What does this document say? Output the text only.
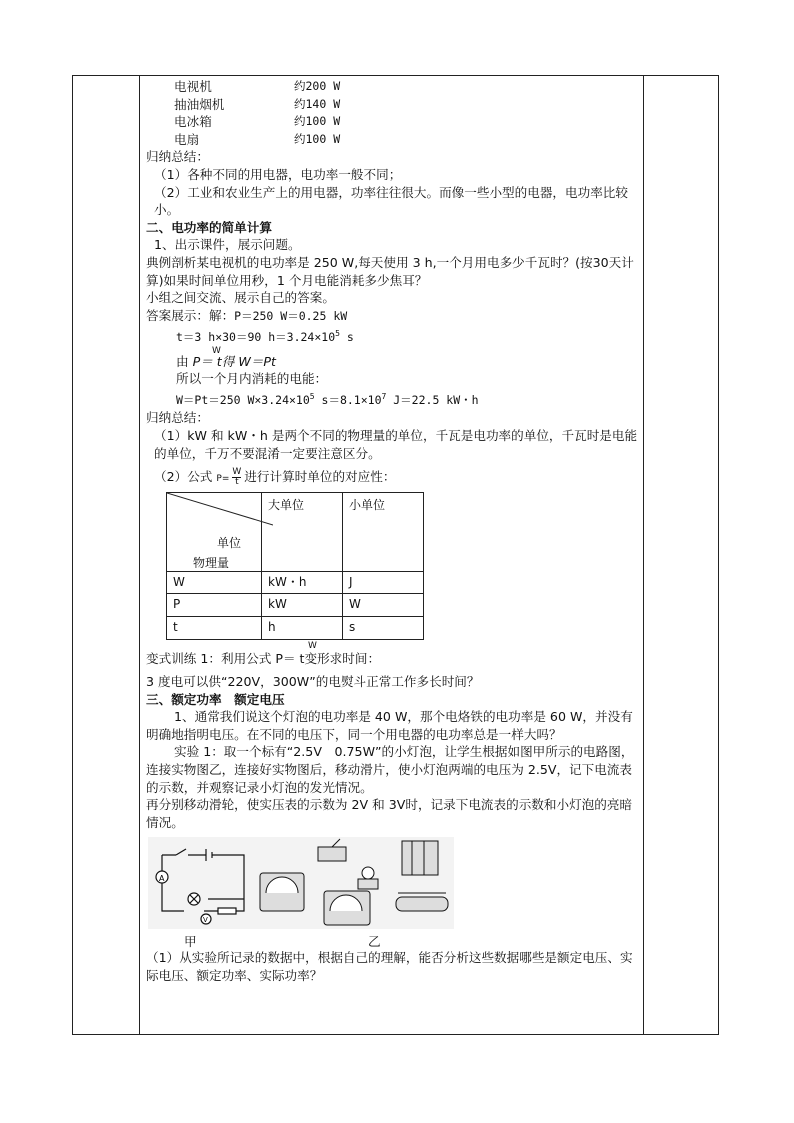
电视机	约200 W

抽油烟机	约140 W

电冰箱	约100 W

电扇	约100 W

归纳总结：

（1）各种不同的用电器，电功率一般不同；

（2）工业和农业生产上的用电器，功率往往很大。而像一些小型的电器，电功率比较小。

二、电功率的简单计算

1、出示课件，展示问题。

典例剖析某电视机的电功率是 250 W,每天使用 3 h,一个月用电多少千瓦时？(按30天计算)如果时间单位用秒，1 个月电能消耗多少焦耳？

小组之间交流、展示自己的答案。

答案展示：解：P＝250 W＝0.25 kW

t＝3 h×30＝90 $h=3.24\times 10^5$ s

W
由 P＝ t得 W＝Pt

所以一个月内消耗的电能：

W＝Pt＝250 $W\times 3.24\times 10^5$ $s=8.1\times 10^7$ J＝22.5 kW・h

归纳总结：

（1）kW 和 kW・h 是两个不同的物理量的单位，千瓦是电功率的单位，千瓦时是电能的单位，千万不要混淆一定要注意区分。

（2）公式 $P= \frac{W}{t}$ 进行计算时单位的对应性：

单位
物理量	大单位	小单位
W	kW・h	J
P	kW	W
t	h	s

W
变式训练 1：利用公式 P＝ t变形求时间：

3 度电可以供“220V，300W”的电熨斗正常工作多长时间？

三、额定功率　额定电压

1、通常我们说这个灯泡的电功率是 40 W，那个电烙铁的电功率是 60 W，并没有明确地指明电压。在不同的电压下，同一个用电器的电功率总是一样大吗？

实验 1：取一个标有“2.5V　0.75W”的小灯泡，让学生根据如图甲所示的电路图，连接实物图乙，连接好实物图后，移动滑片，使小灯泡两端的电压为 2.5V，记下电流表的示数，并观察记录小灯泡的发光情况。

再分别移动滑轮，使实压表的示数为 2V 和 3V时，记录下电流表的示数和小灯泡的亮暗情况。

A
V
甲	乙

（1）从实验所记录的数据中，根据自己的理解，能否分析这些数据哪些是额定电压、实际电压、额定功率、实际功率？
